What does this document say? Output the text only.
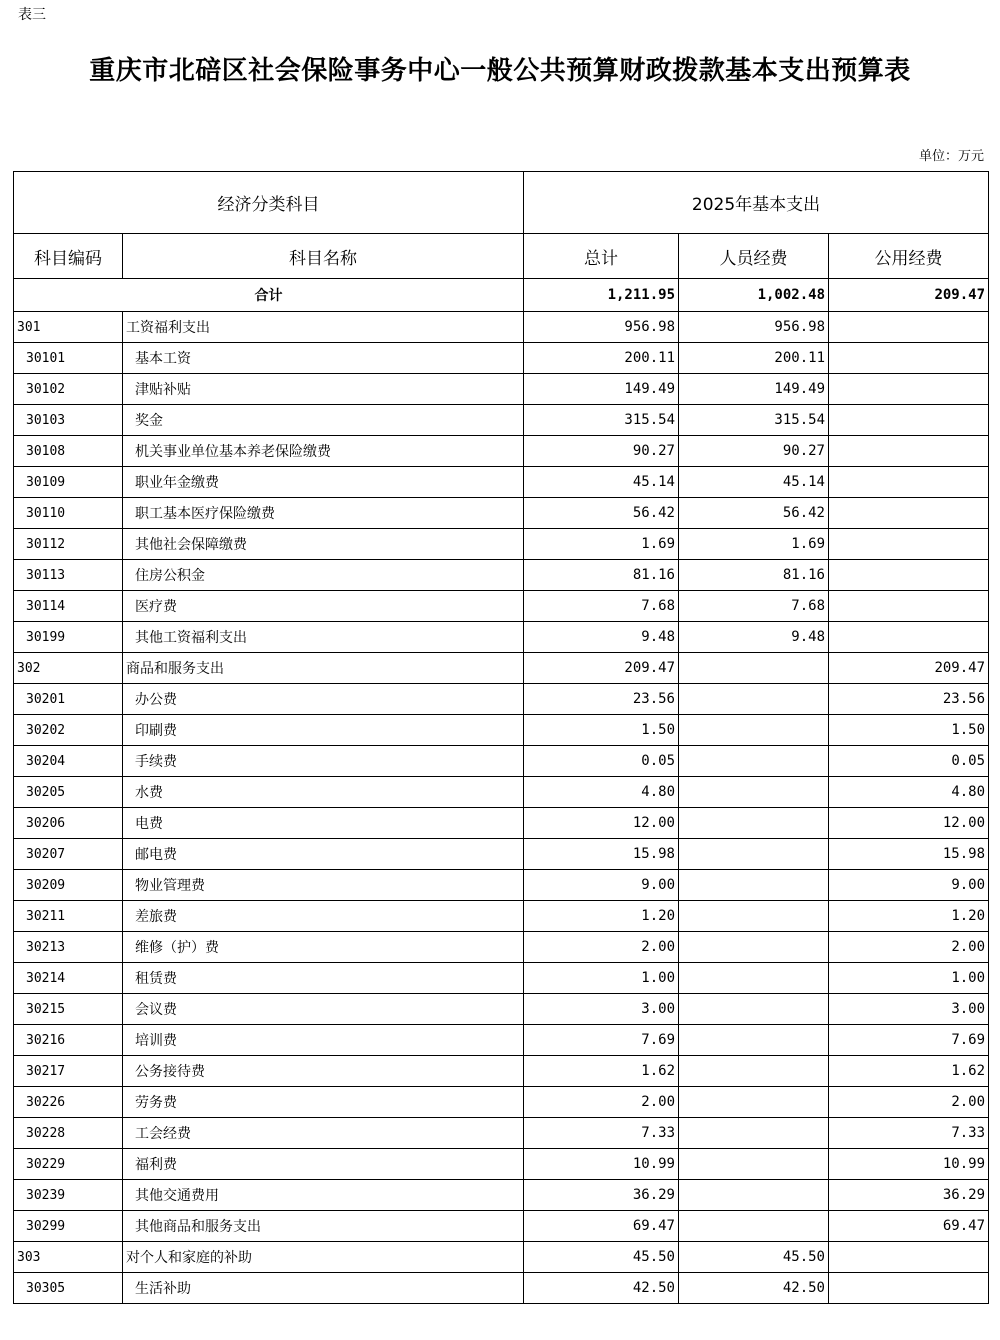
表三
重庆市北碚区社会保险事务中心一般公共预算财政拨款基本支出预算表
单位：万元
经济分类科目		2025年基本支出		
科目编码	科目名称	总计	人员经费	公用经费
合计		1,211.95	1,002.48	209.47
301	工资福利支出	956.98	956.98	
30101	基本工资	200.11	200.11	
30102	津贴补贴	149.49	149.49	
30103	奖金	315.54	315.54	
30108	机关事业单位基本养老保险缴费	90.27	90.27	
30109	职业年金缴费	45.14	45.14	
30110	职工基本医疗保险缴费	56.42	56.42	
30112	其他社会保障缴费	1.69	1.69	
30113	住房公积金	81.16	81.16	
30114	医疗费	7.68	7.68	
30199	其他工资福利支出	9.48	9.48	
302	商品和服务支出	209.47		209.47
30201	办公费	23.56		23.56
30202	印刷费	1.50		1.50
30204	手续费	0.05		0.05
30205	水费	4.80		4.80
30206	电费	12.00		12.00
30207	邮电费	15.98		15.98
30209	物业管理费	9.00		9.00
30211	差旅费	1.20		1.20
30213	维修（护）费	2.00		2.00
30214	租赁费	1.00		1.00
30215	会议费	3.00		3.00
30216	培训费	7.69		7.69
30217	公务接待费	1.62		1.62
30226	劳务费	2.00		2.00
30228	工会经费	7.33		7.33
30229	福利费	10.99		10.99
30239	其他交通费用	36.29		36.29
30299	其他商品和服务支出	69.47		69.47
303	对个人和家庭的补助	45.50	45.50	
30305	生活补助	42.50	42.50	
